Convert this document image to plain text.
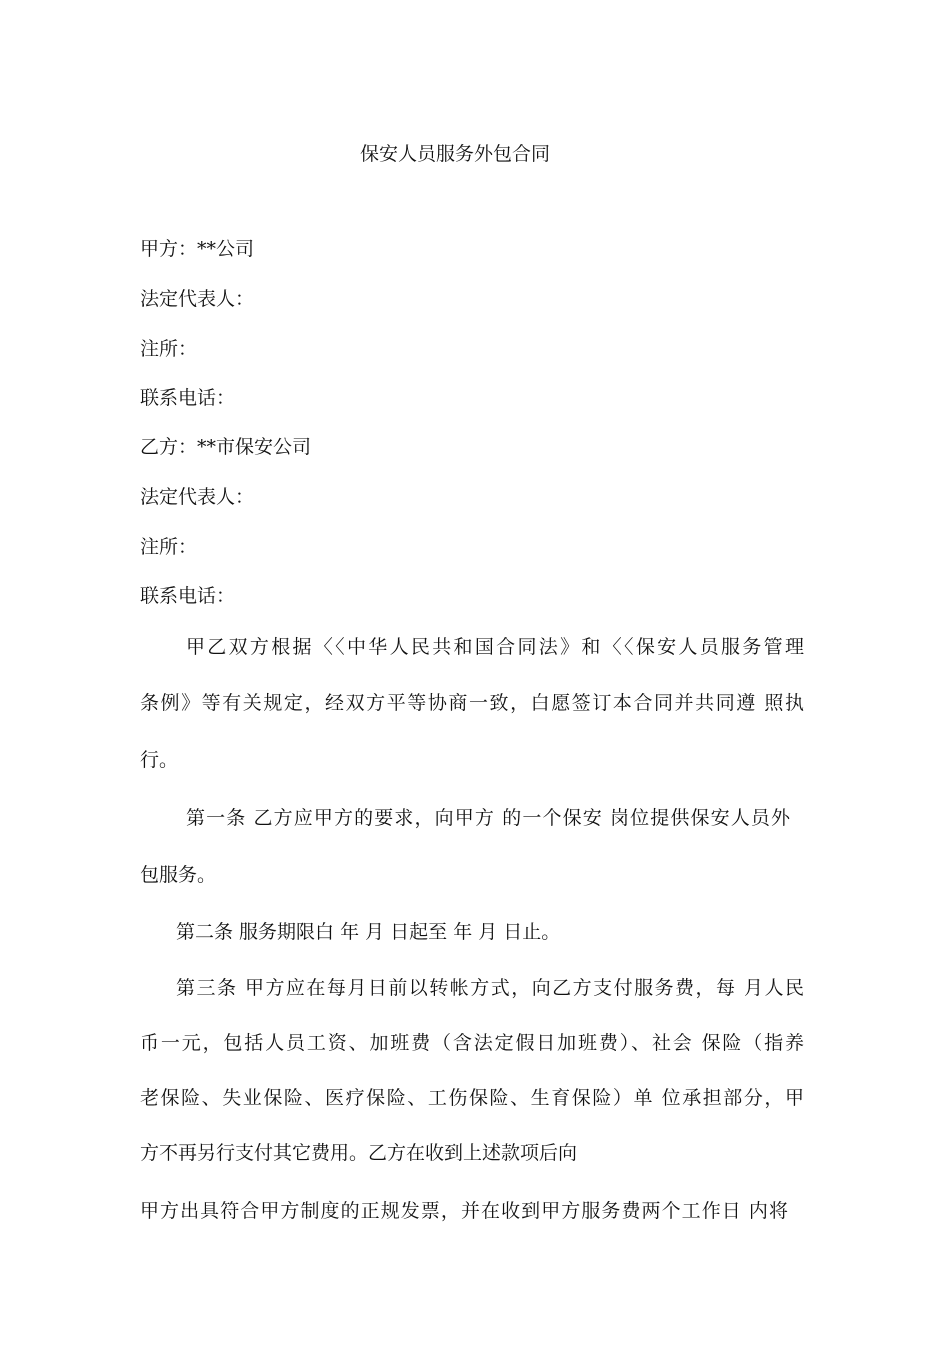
保安人员服务外包合同
甲方：**公司
法定代表人：
注所：
联系电话：
乙方：**市保安公司
法定代表人：
注所：
联系电话：
甲乙双方根据〈〈中华人民共和国合同法》和〈〈保安人员服务管理
条例》等有关规定，经双方平等协商一致，白愿签订本合同并共同遵 照执
行。
第一条 乙方应甲方的要求，向甲方 的一个保安 岗位提供保安人员外
包服务。
第二条 服务期限白 年 月 日起至 年 月 日止。
第三条 甲方应在每月日前以转帐方式，向乙方支付服务费，每 月人民
币一元，包括人员工资、加班费（含法定假日加班费）、社会 保险（指养
老保险、失业保险、医疗保险、工伤保险、生育保险）单 位承担部分，甲
方不再另行支付其它费用。乙方在收到上述款项后向
甲方出具符合甲方制度的正规发票，并在收到甲方服务费两个工作日 内将
